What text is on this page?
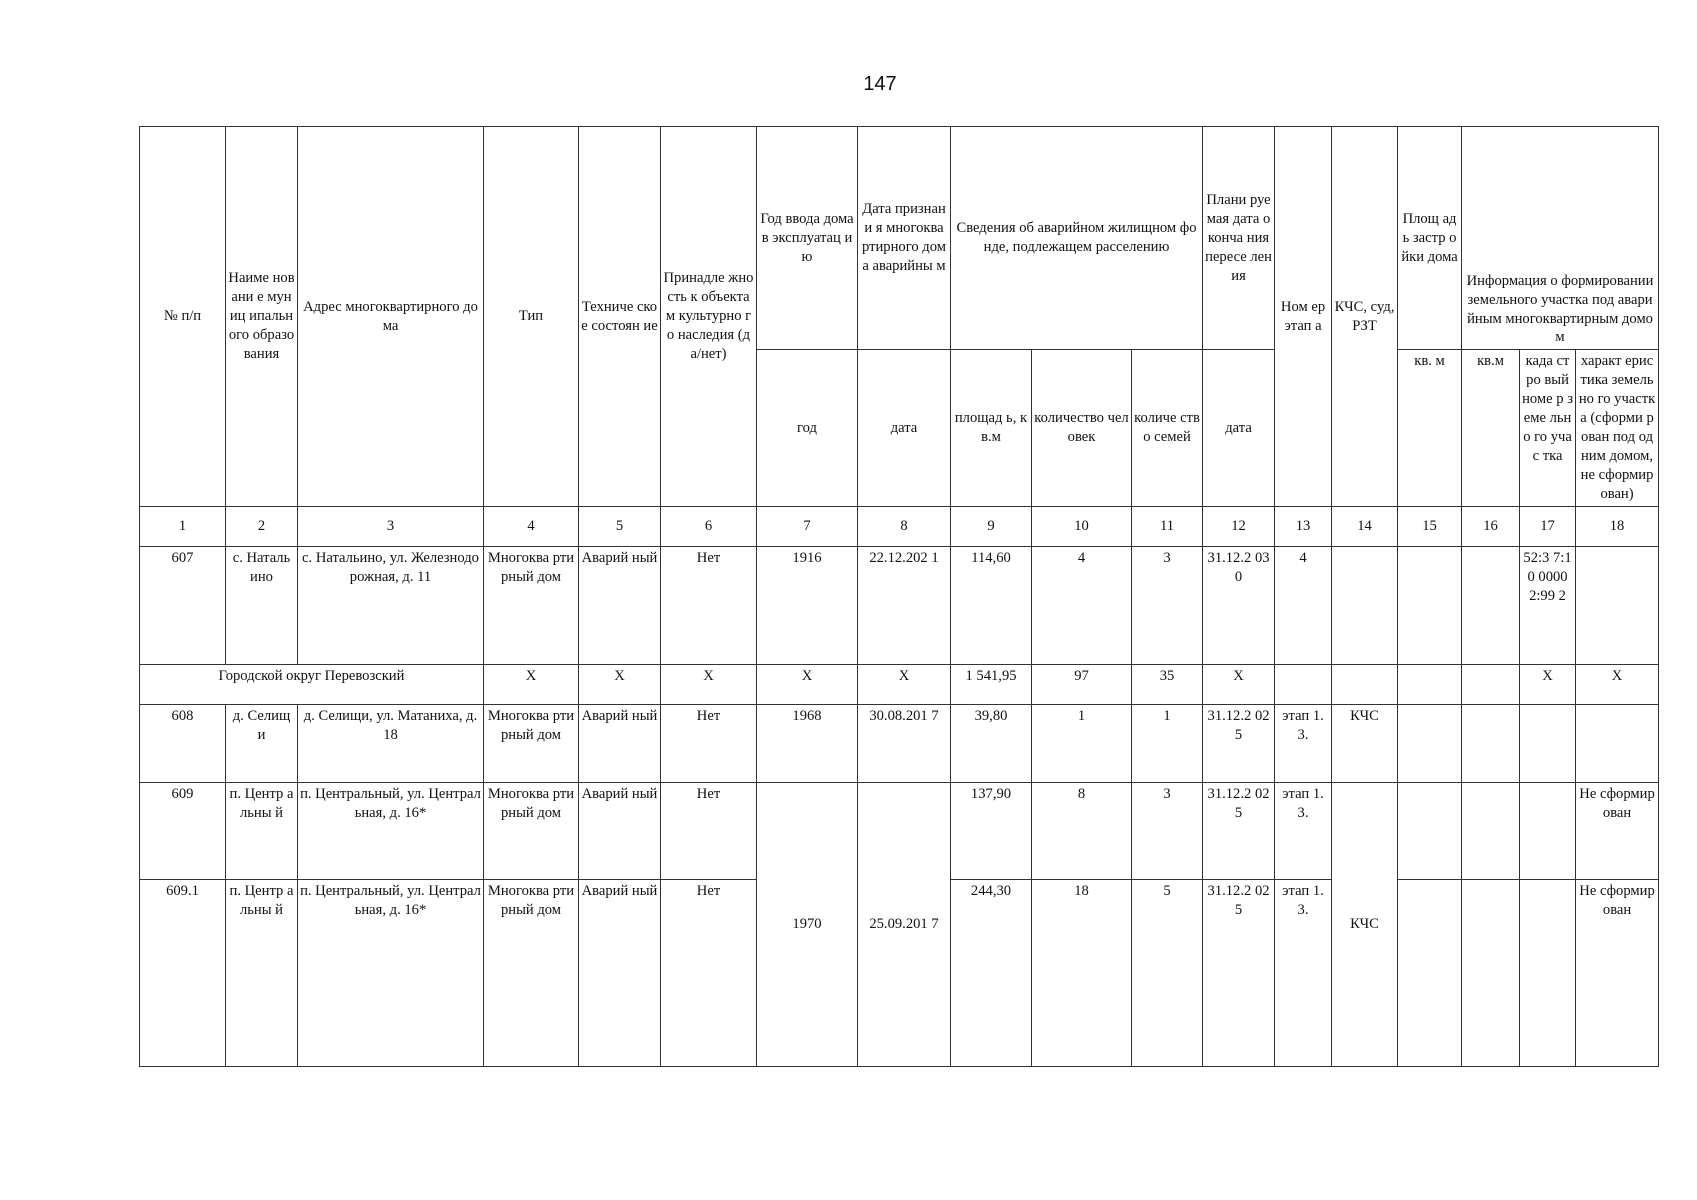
147
№ п/п	Наиме новани е муниц ипальн ого образо вания	Адрес многоквартирного дома	Тип	Техниче ское состоян ие	Принадле жность к объектам культурно го наследия (да/нет)	Год ввода дома в эксплуатац ию	Дата признани я многоква ртирного дома аварийны м	Сведения об аварийном жилищном фонде, подлежащем расселению			Плани руемая дата оконча ния пересе ления	Ном ер этап а	КЧС, суд, РЗТ	Площ адь застр ойки дома	Информация о формировании земельного участка под аварийным многоквартирным домом		
						год	дата	площад ь, кв.м	количество человек	количе ство семей	дата			кв. м	кв.м	када стро вый номе р земе льно го учас тка	характ еристика земельно го участка (сформи рован под одним домом, не сформир ован)
1	2	3	4	5	6	7	8	9	10	11	12	13	14	15	16	17	18
607	с. Наталь ино	с. Натальино, ул. Железнодорожная, д. 11	Многоква ртирный дом	Аварий ный	Нет	1916	22.12.202 1	114,60	4	3	31.12.2 030	4				52:3 7:10 0000 2:99 2	
Городской округ Перевозский			X	X	X	X	X	1 541,95	97	35	X					X	X
608	д. Селищ и	д. Селищи, ул. Матаниха, д. 18	Многоква ртирный дом	Аварий ный	Нет	1968	30.08.201 7	39,80	1	1	31.12.2 025	этап 1.3.	КЧС				
609	п. Центр альны й	п. Центральный, ул. Центральная, д. 16*	Многоква ртирный дом	Аварий ный	Нет	1970	25.09.201 7	137,90	8	3	31.12.2 025	этап 1.3.	КЧС				Не сформир ован
609.1	п. Центр альны й	п. Центральный, ул. Центральная, д. 16*	Многоква ртирный дом	Аварий ный	Нет			244,30	18	5	31.12.2 025	этап 1.3.					Не сформир ован
